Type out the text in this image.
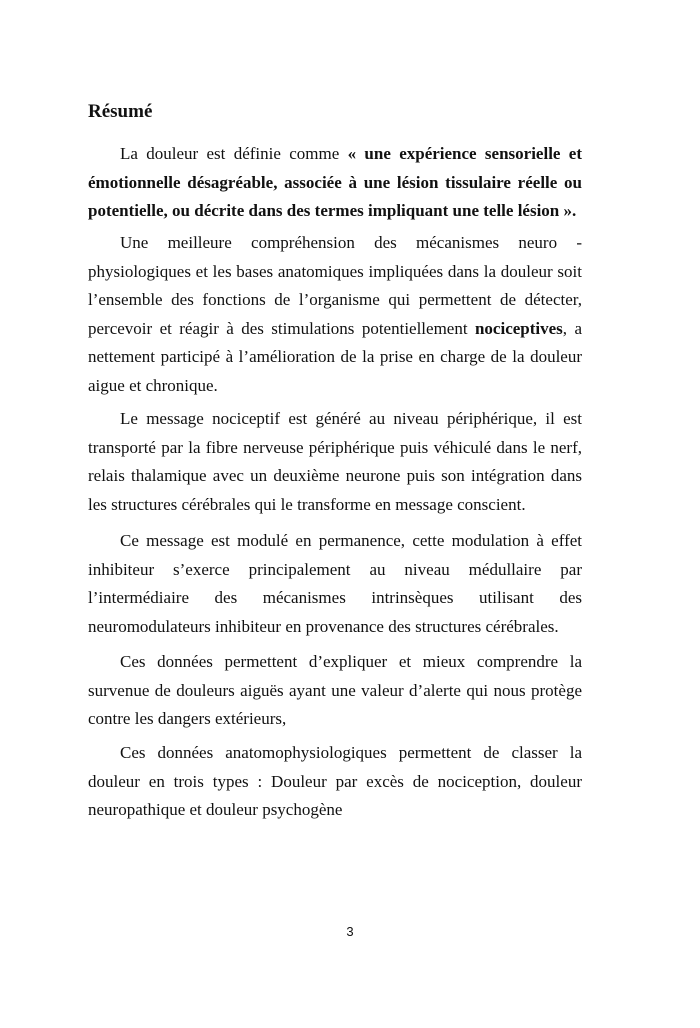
Résumé

La douleur est définie comme « une expérience sensorielle et émotionnelle désagréable, associée à une lésion tissulaire réelle ou potentielle, ou décrite dans des termes impliquant une telle lésion ».

Une meilleure compréhension des mécanismes neuro - physiologiques et les bases anatomiques impliquées dans la douleur soit l’ensemble des fonctions de l’organisme qui permettent de détecter, percevoir et réagir à des stimulations potentiellement nociceptives, a nettement participé à l’amélioration de la prise en charge de la douleur aigue et chronique.

Le message nociceptif est généré au niveau périphérique, il est transporté par la fibre nerveuse périphérique puis véhiculé dans le nerf, relais thalamique avec un deuxième neurone puis son intégration dans les structures cérébrales qui le transforme en message conscient.

Ce message est modulé en permanence, cette modulation à effet inhibiteur s’exerce principalement au niveau médullaire par l’intermédiaire des mécanismes intrinsèques utilisant des neuromodulateurs inhibiteur en provenance des structures cérébrales.

Ces données permettent d’expliquer et mieux comprendre la survenue de douleurs aiguës ayant une valeur d’alerte qui nous protège contre les dangers extérieurs,

Ces données anatomophysiologiques permettent de classer la douleur en trois types : Douleur par excès de nociception, douleur neuropathique et douleur psychogène

3
